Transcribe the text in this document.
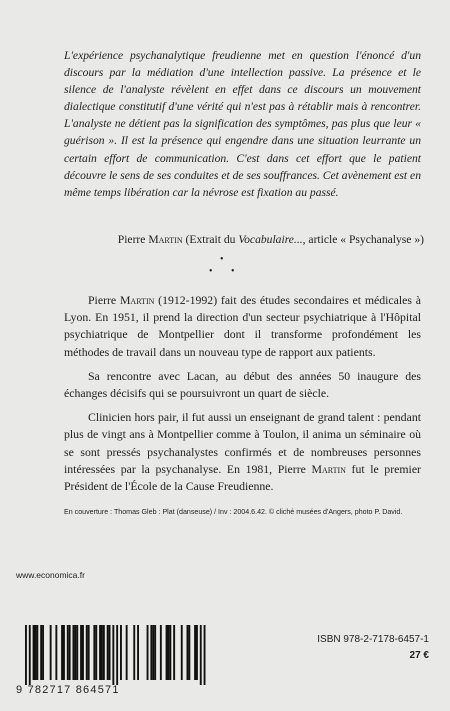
L'expérience psychanalytique freudienne met en question l'énoncé d'un discours par la médiation d'une intellection passive. La présence et le silence de l'analyste révèlent en effet dans ce discours un mouvement dialectique constitutif d'une vérité qui n'est pas à rétablir mais à rencontrer. L'analyste ne détient pas la signification des symptômes, pas plus que leur « guérison ». Il est la présence qui engendre dans une situation leurrante un certain effort de communication. C'est dans cet effort que le patient découvre le sens de ses conduites et de ses souffrances. Cet avènement est en même temps libération car la névrose est fixation au passé.
Pierre Martin (Extrait du Vocabulaire..., article « Psychanalyse »)
•
• •

Pierre Martin (1912-1992) fait des études secondaires et médicales à Lyon. En 1951, il prend la direction d'un secteur psychiatrique à l'Hôpital psychiatrique de Montpellier dont il transforme profondément les méthodes de travail dans un nouveau type de rapport aux patients.

Sa rencontre avec Lacan, au début des années 50 inaugure des échanges décisifs qui se poursuivront un quart de siècle.

Clinicien hors pair, il fut aussi un enseignant de grand talent : pendant plus de vingt ans à Montpellier comme à Toulon, il anima un séminaire où se sont pressés psychanalystes confirmés et de nombreuses personnes intéressées par la psychanalyse. En 1981, Pierre Martin fut le premier Président de l'École de la Cause Freudienne.

En couverture : Thomas Gleb : Plat (danseuse) / Inv : 2004.6.42. © cliché musées d'Angers, photo P. David.
www.economica.fr
9 782717 864571
ISBN 978-2-7178-6457-1
27 €
